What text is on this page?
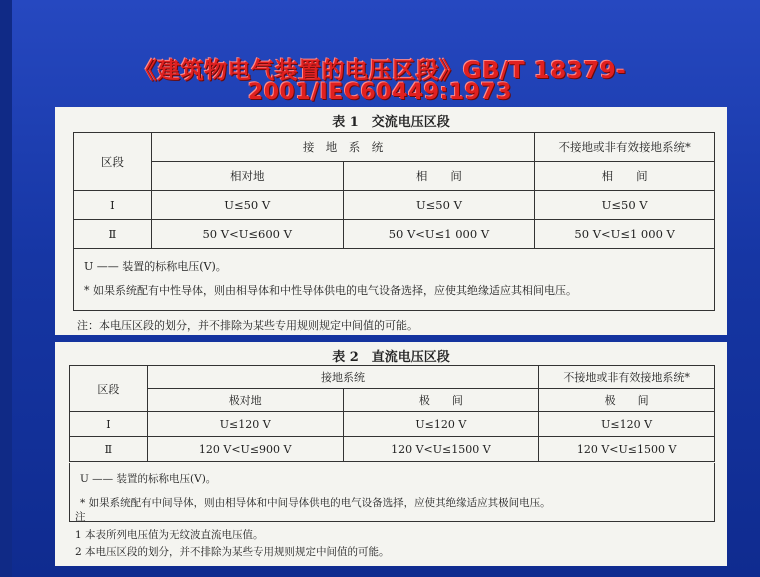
《建筑物电气装置的电压区段》GB/T 18379-
2001/IEC60449:1973
表 1　交流电压区段
区段	接　地　系　统		不接地或非有效接地系统*
	相对地	相　　间	相　　间
Ⅰ	U≤50 V	U≤50 V	U≤50 V
Ⅱ	50 V<U≤600 V	50 V<U≤1 000 V	50 V<U≤1 000 V
U —— 装置的标称电压(V)。
* 如果系统配有中性导体，则由相导体和中性导体供电的电气设备选择，应使其绝缘适应其相间电压。
注：本电压区段的划分，并不排除为某些专用规则规定中间值的可能。
表 2　直流电压区段
区段	接地系统		不接地或非有效接地系统*
	极对地	极　　间	极　　间
Ⅰ	U≤120 V	U≤120 V	U≤120 V
Ⅱ	120 V<U≤900 V	120 V<U≤1500 V	120 V<U≤1500 V
U —— 装置的标称电压(V)。
* 如果系统配有中间导体，则由相导体和中间导体供电的电气设备选择，应使其绝缘适应其极间电压。
注
1 本表所列电压值为无纹波直流电压值。
2 本电压区段的划分，并不排除为某些专用规则规定中间值的可能。
